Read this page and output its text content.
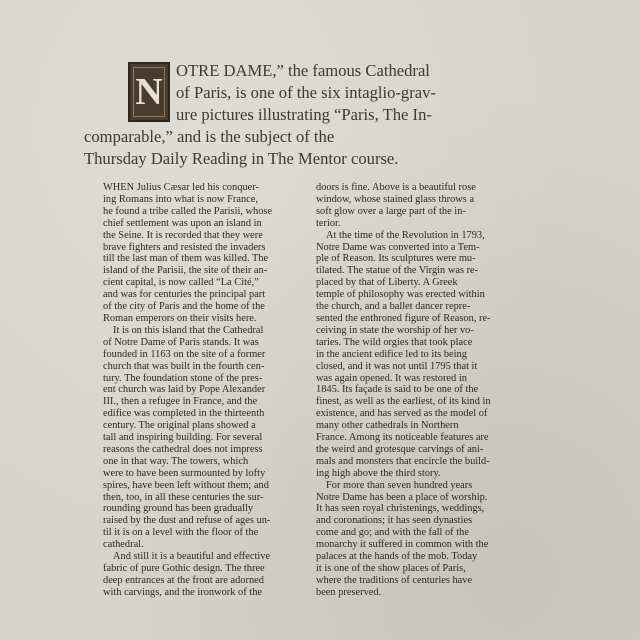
N
OTRE DAME,” the famous Cathedral
of Paris, is one of the six intaglio-grav-
ure pictures illustrating “Paris, The In-
comparable,” and is the subject of the
Thursday Daily Reading in The Mentor course.
WHEN Julius Cæsar led his conquer-
ing Romans into what is now France,
he found a tribe called the Parisii, whose
chief settlement was upon an island in
the Seine. It is recorded that they were
brave fighters and resisted the invaders
till the last man of them was killed. The
island of the Parisii, the site of their an-
cient capital, is now called “La Cité,”
and was for centuries the principal part
of the city of Paris and the home of the
Roman emperors on their visits here.
It is on this island that the Cathedral
of Notre Dame of Paris stands. It was
founded in 1163 on the site of a former
church that was built in the fourth cen-
tury. The foundation stone of the pres-
ent church was laid by Pope Alexander
III., then a refugee in France, and the
edifice was completed in the thirteenth
century. The original plans showed a
tall and inspiring building. For several
reasons the cathedral does not impress
one in that way. The towers, which
were to have been surmounted by lofty
spires, have been left without them; and
then, too, in all these centuries the sur-
rounding ground has been gradually
raised by the dust and refuse of ages un-
til it is on a level with the floor of the
cathedral.
And still it is a beautiful and effective
fabric of pure Gothic design. The three
deep entrances at the front are adorned
with carvings, and the ironwork of the
doors is fine. Above is a beautiful rose
window, whose stained glass throws a
soft glow over a large part of the in-
terior.
At the time of the Revolution in 1793,
Notre Dame was converted into a Tem-
ple of Reason. Its sculptures were mu-
tilated. The statue of the Virgin was re-
placed by that of Liberty. A Greek
temple of philosophy was erected within
the church, and a ballet dancer repre-
sented the enthroned figure of Reason, re-
ceiving in state the worship of her vo-
taries. The wild orgies that took place
in the ancient edifice led to its being
closed, and it was not until 1795 that it
was again opened. It was restored in
1845. Its façade is said to be one of the
finest, as well as the earliest, of its kind in
existence, and has served as the model of
many other cathedrals in Northern
France. Among its noticeable features are
the weird and grotesque carvings of ani-
mals and monsters that encircle the build-
ing high above the third story.
For more than seven hundred years
Notre Dame has been a place of worship.
It has seen royal christenings, weddings,
and coronations; it has seen dynasties
come and go; and with the fall of the
monarchy it suffered in common with the
palaces at the hands of the mob. Today
it is one of the show places of Paris,
where the traditions of centuries have
been preserved.
